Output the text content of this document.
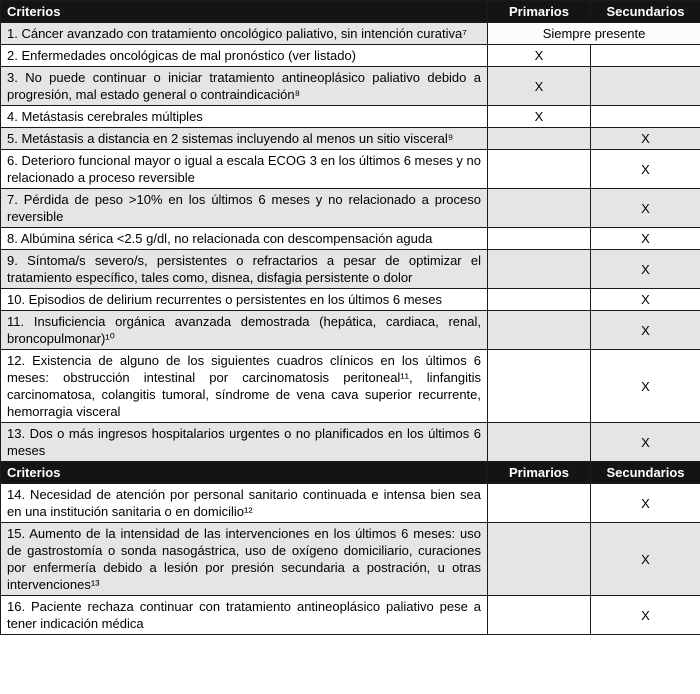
Criterios	Primarios	Secundarios
1. Cáncer avanzado con tratamiento oncológico paliativo, sin intención curativa⁷	Siempre presente	
2. Enfermedades oncológicas de mal pronóstico (ver listado)	X	
3. No puede continuar o iniciar tratamiento antineoplásico paliativo debido a progresión, mal estado general o contraindicación⁸	X	
4. Metástasis cerebrales múltiples	X	
5. Metástasis a distancia en 2 sistemas incluyendo al menos un sitio visceral⁹		X
6. Deterioro funcional mayor o igual a escala ECOG 3 en los últimos 6 meses y no relacionado a proceso reversible		X
7. Pérdida de peso >10% en los últimos 6 meses y no relacionado a proceso reversible		X
8. Albúmina sérica <2.5 g/dl, no relacionada con descompensación aguda		X
9. Síntoma/s severo/s, persistentes o refractarios a pesar de optimizar el tratamiento específico, tales como, disnea, disfagia persistente o dolor		X
10. Episodios de delirium recurrentes o persistentes en los últimos 6 meses		X
11. Insuficiencia orgánica avanzada demostrada (hepática, cardiaca, renal, broncopulmonar)¹⁰		X
12. Existencia de alguno de los siguientes cuadros clínicos en los últimos 6 meses: obstrucción intestinal por carcinomatosis peritoneal¹¹, linfangitis carcinomatosa, colangitis tumoral, síndrome de vena cava superior recurrente, hemorragia visceral		X
13. Dos o más ingresos hospitalarios urgentes o no planificados en los últimos 6 meses		X
Criterios	Primarios	Secundarios
14. Necesidad de atención por personal sanitario continuada e intensa bien sea en una institución sanitaria o en domicilio¹²		X
15. Aumento de la intensidad de las intervenciones en los últimos 6 meses: uso de gastrostomía o sonda nasogástrica, uso de oxígeno domiciliario, curaciones por enfermería debido a lesión por presión secundaria a postración, u otras intervenciones¹³		X
16. Paciente rechaza continuar con tratamiento antineoplásico paliativo pese a tener indicación médica		X
